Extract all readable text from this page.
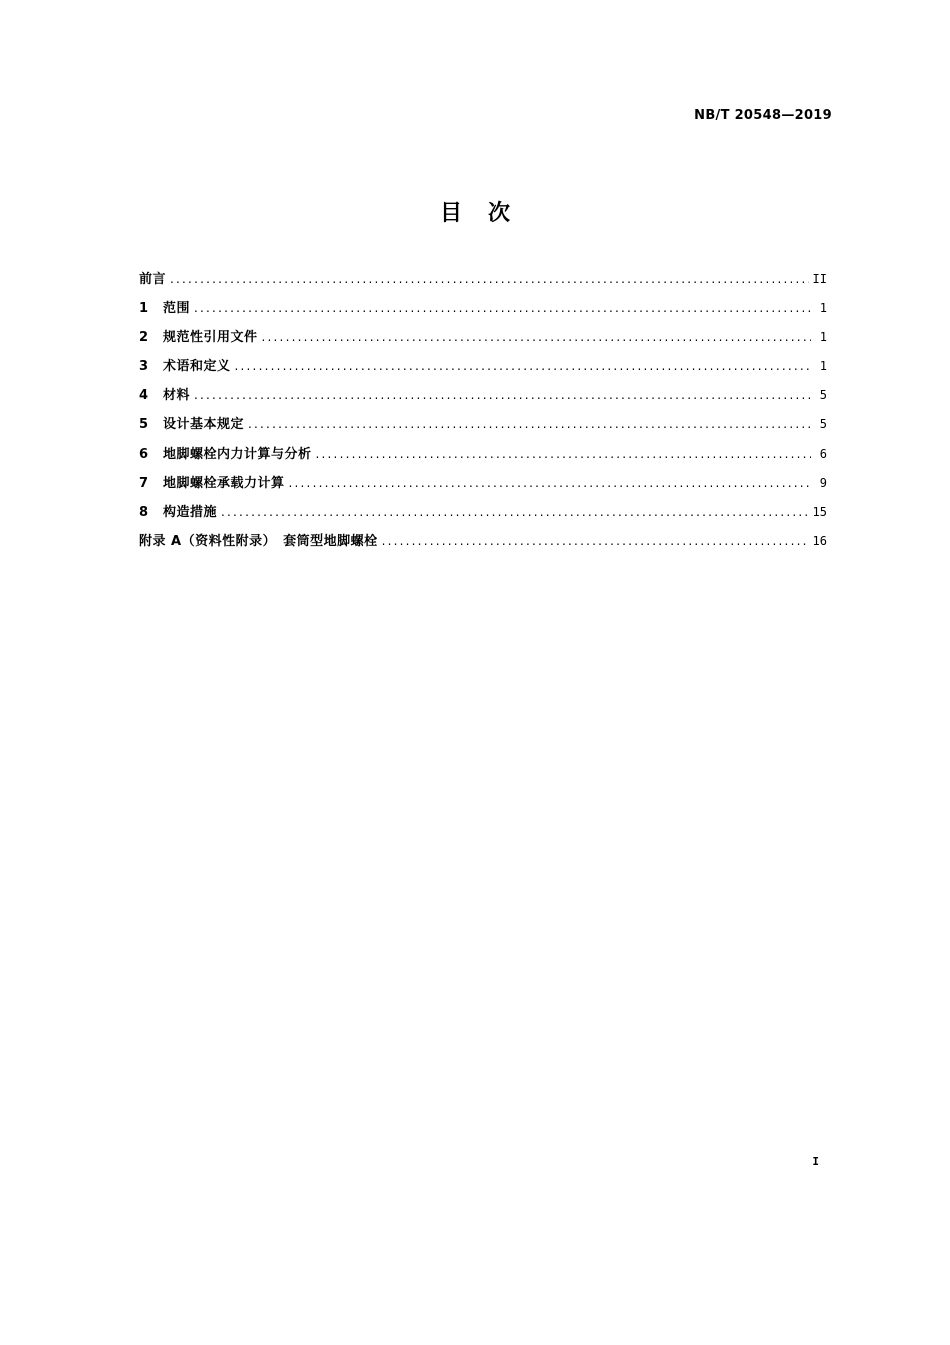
NB/T 20548—2019
目 次
前言 .....	II
1	范围 .....	1
2	规范性引用文件 .....	1
3	术语和定义 .....	1
4	材料 .....	5
5	设计基本规定 .....	5
6	地脚螺栓内力计算与分析 .....	6
7	地脚螺栓承载力计算 .....	9
8	构造措施 .....	15
附录 A（资料性附录）　套筒型地脚螺栓 .....	16
I
